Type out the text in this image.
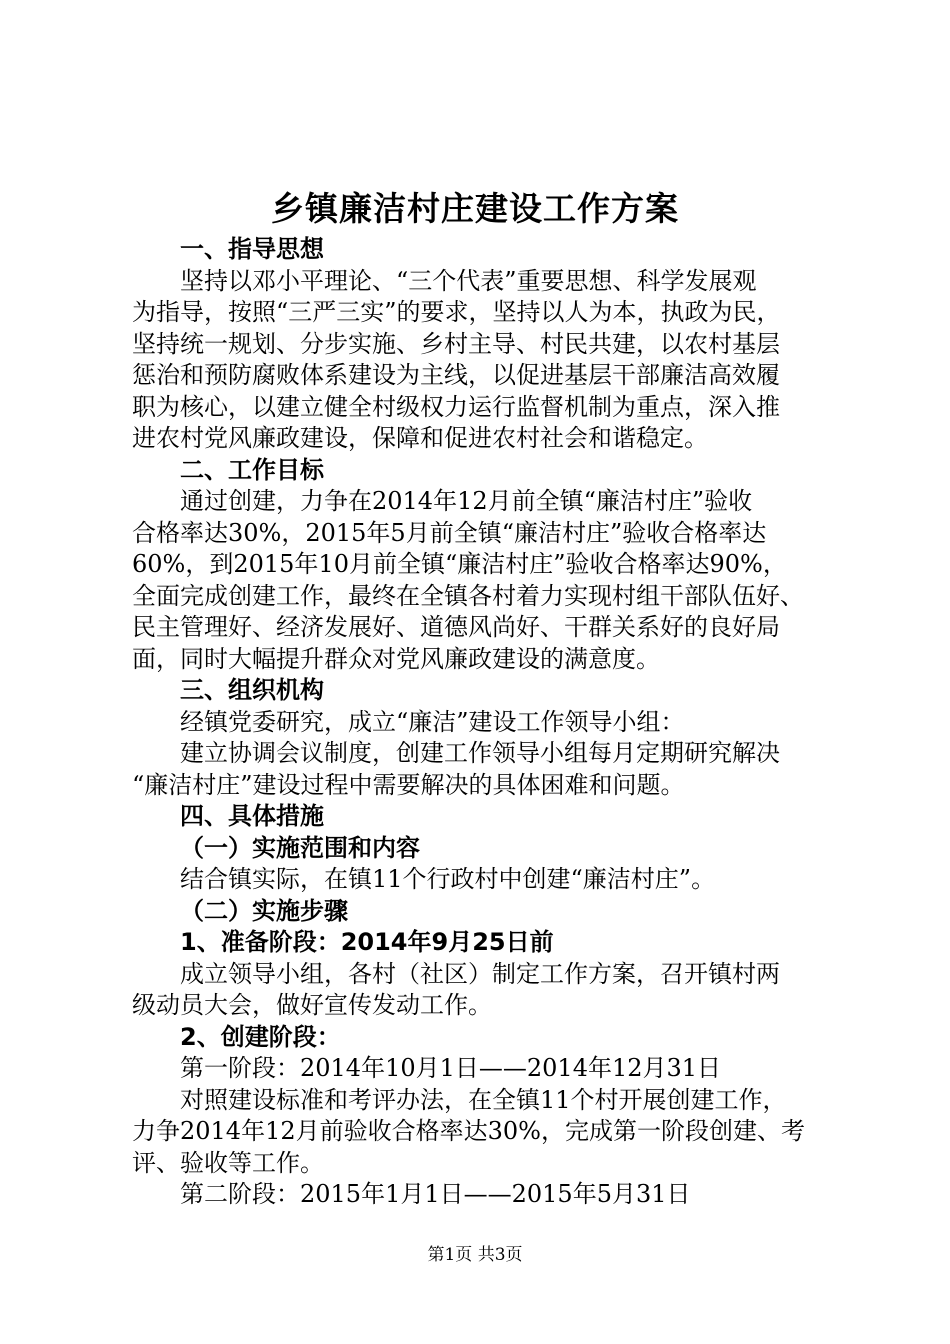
乡镇廉洁村庄建设工作方案
一、指导思想
坚持以邓小平理论、“三个代表”重要思想、科学发展观
为指导，按照“三严三实”的要求，坚持以人为本，执政为民，
坚持统一规划、分步实施、乡村主导、村民共建，以农村基层
惩治和预防腐败体系建设为主线，以促进基层干部廉洁高效履
职为核心，以建立健全村级权力运行监督机制为重点，深入推
进农村党风廉政建设，保障和促进农村社会和谐稳定。
二、工作目标
通过创建，力争在2014年12月前全镇“廉洁村庄”验收
合格率达30%，2015年5月前全镇“廉洁村庄”验收合格率达
60%，到2015年10月前全镇“廉洁村庄”验收合格率达90%，
全面完成创建工作，最终在全镇各村着力实现村组干部队伍好、
民主管理好、经济发展好、道德风尚好、干群关系好的良好局
面，同时大幅提升群众对党风廉政建设的满意度。
三、组织机构
经镇党委研究，成立“廉洁”建设工作领导小组：
建立协调会议制度，创建工作领导小组每月定期研究解决
“廉洁村庄”建设过程中需要解决的具体困难和问题。
四、具体措施
（一）实施范围和内容
结合镇实际，在镇11个行政村中创建“廉洁村庄”。
（二）实施步骤
1、准备阶段：2014年9月25日前
成立领导小组，各村（社区）制定工作方案，召开镇村两
级动员大会，做好宣传发动工作。
2、创建阶段：
第一阶段：2014年10月1日——2014年12月31日
对照建设标准和考评办法，在全镇11个村开展创建工作，
力争2014年12月前验收合格率达30%，完成第一阶段创建、考
评、验收等工作。
第二阶段：2015年1月1日——2015年5月31日
第1页 共3页
